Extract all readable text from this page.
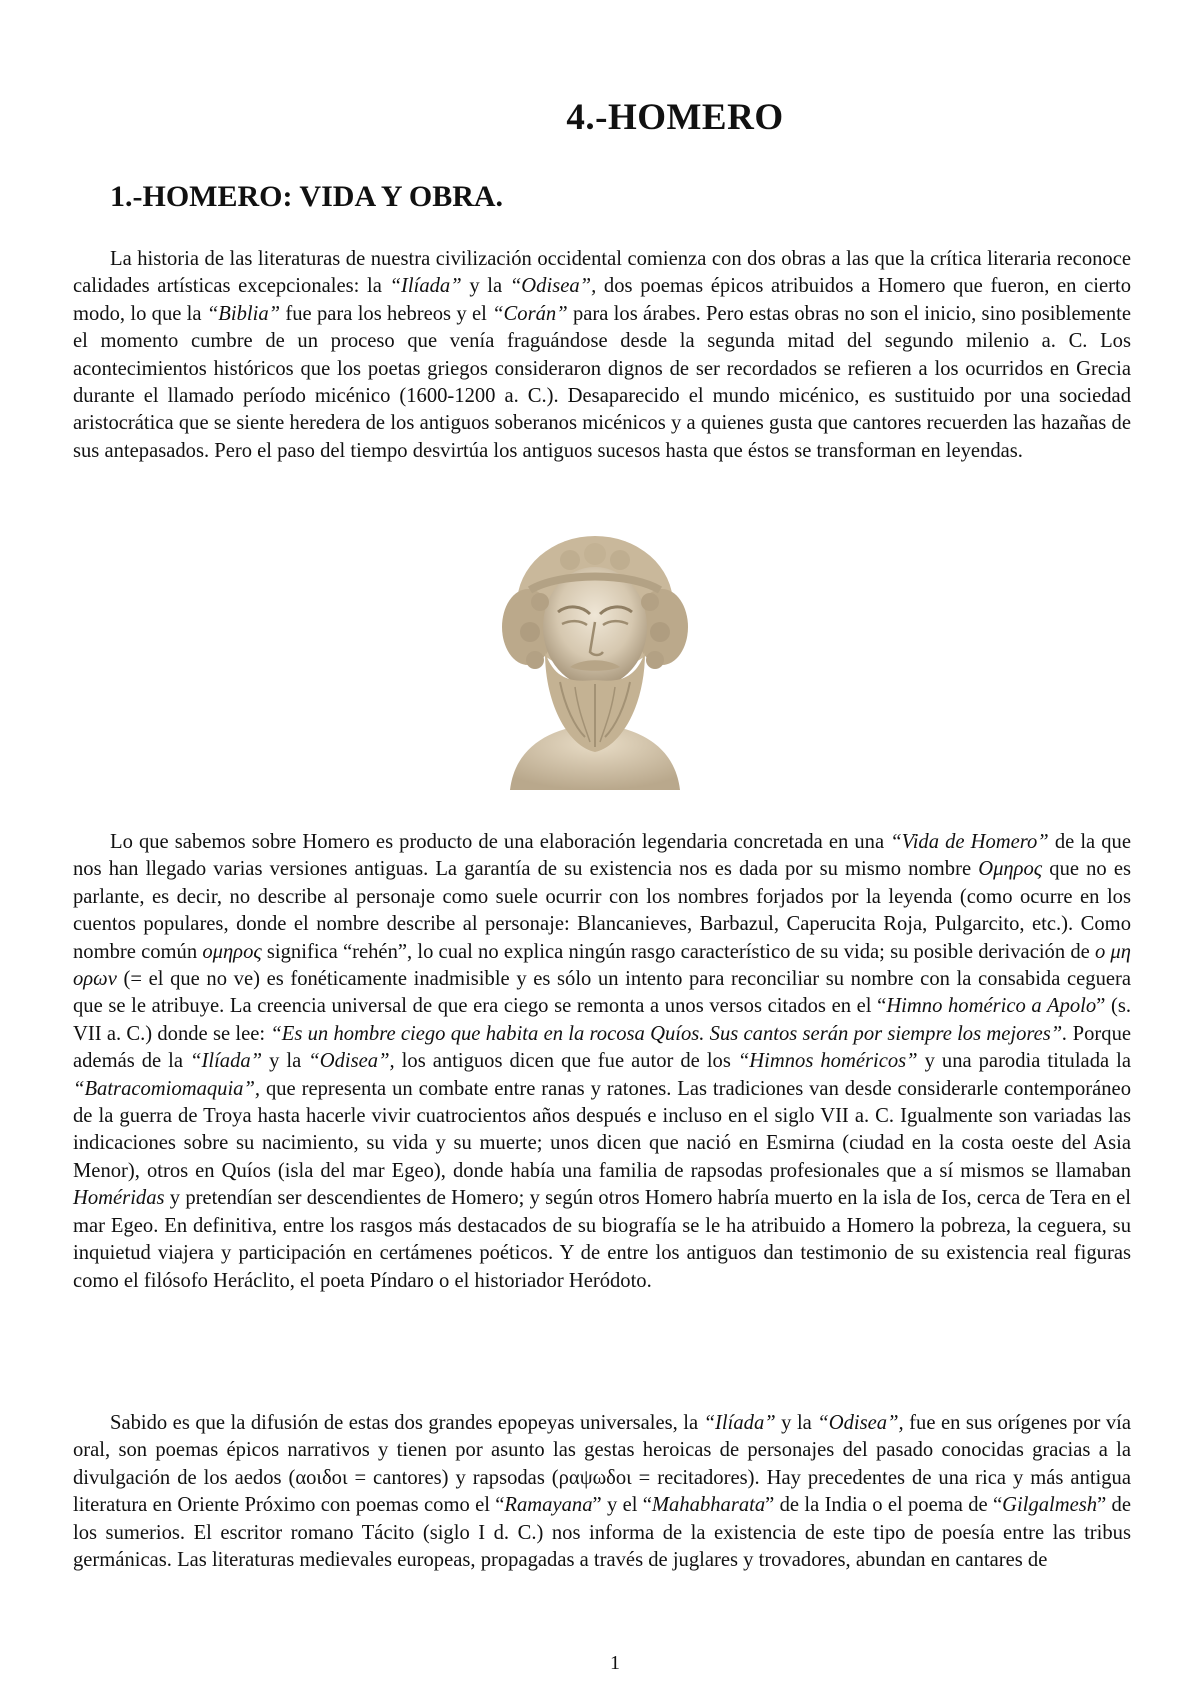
4.-HOMERO
1.-HOMERO: VIDA Y OBRA.

La historia de las literaturas de nuestra civilización occidental comienza con dos obras a las que la crítica literaria reconoce calidades artísticas excepcionales: la “Ilíada” y la “Odisea”, dos poemas épicos atribuidos a Homero que fueron, en cierto modo, lo que la “Biblia” fue para los hebreos y el “Corán” para los árabes. Pero estas obras no son el inicio, sino posiblemente el momento cumbre de un proceso que venía fraguándose desde la segunda mitad del segundo milenio a. C. Los acontecimientos históricos que los poetas griegos consideraron dignos de ser recordados se refieren a los ocurridos en Grecia durante el llamado período micénico (1600-1200 a. C.). Desaparecido el mundo micénico, es sustituido por una sociedad aristocrática que se siente heredera de los antiguos soberanos micénicos y a quienes gusta que cantores recuerden las hazañas de sus antepasados. Pero el paso del tiempo desvirtúa los antiguos sucesos hasta que éstos se transforman en leyendas.

Lo que sabemos sobre Homero es producto de una elaboración legendaria concretada en una “Vida de Homero” de la que nos han llegado varias versiones antiguas. La garantía de su existencia nos es dada por su mismo nombre Ομηρος que no es parlante, es decir, no describe al personaje como suele ocurrir con los nombres forjados por la leyenda (como ocurre en los cuentos populares, donde el nombre describe al personaje: Blancanieves, Barbazul, Caperucita Roja, Pulgarcito, etc.). Como nombre común ομηρος significa “rehén”, lo cual no explica ningún rasgo característico de su vida; su posible derivación de ο μη ορων (= el que no ve) es fonéticamente inadmisible y es sólo un intento para reconciliar su nombre con la consabida ceguera que se le atribuye. La creencia universal de que era ciego se remonta a unos versos citados en el “Himno homérico a Apolo” (s. VII a. C.) donde se lee: “Es un hombre ciego que habita en la rocosa Quíos. Sus cantos serán por siempre los mejores”. Porque además de la “Ilíada” y la “Odisea”, los antiguos dicen que fue autor de los “Himnos homéricos” y una parodia titulada la “Batracomiomaquia”, que representa un combate entre ranas y ratones. Las tradiciones van desde considerarle contemporáneo de la guerra de Troya hasta hacerle vivir cuatrocientos años después e incluso en el siglo VII a. C. Igualmente son variadas las indicaciones sobre su nacimiento, su vida y su muerte; unos dicen que nació en Esmirna (ciudad en la costa oeste del Asia Menor), otros en Quíos (isla del mar Egeo), donde había una familia de rapsodas profesionales que a sí mismos se llamaban Homéridas y pretendían ser descendientes de Homero; y según otros Homero habría muerto en la isla de Ios, cerca de Tera en el mar Egeo. En definitiva, entre los rasgos más destacados de su biografía se le ha atribuido a Homero la pobreza, la ceguera, su inquietud viajera y participación en certámenes poéticos. Y de entre los antiguos dan testimonio de su existencia real figuras como el filósofo Heráclito, el poeta Píndaro o el historiador Heródoto.

Sabido es que la difusión de estas dos grandes epopeyas universales, la “Ilíada” y la “Odisea”, fue en sus orígenes por vía oral, son poemas épicos narrativos y tienen por asunto las gestas heroicas de personajes del pasado conocidas gracias a la divulgación de los aedos (αοιδοι = cantores) y rapsodas (ραψωδοι = recitadores). Hay precedentes de una rica y más antigua literatura en Oriente Próximo con poemas como el “Ramayana” y el “Mahabharata” de la India o el poema de “Gilgalmesh” de los sumerios. El escritor romano Tácito (siglo I d. C.) nos informa de la existencia de este tipo de poesía entre las tribus germánicas. Las literaturas medievales europeas, propagadas a través de juglares y trovadores, abundan en cantares de

1
